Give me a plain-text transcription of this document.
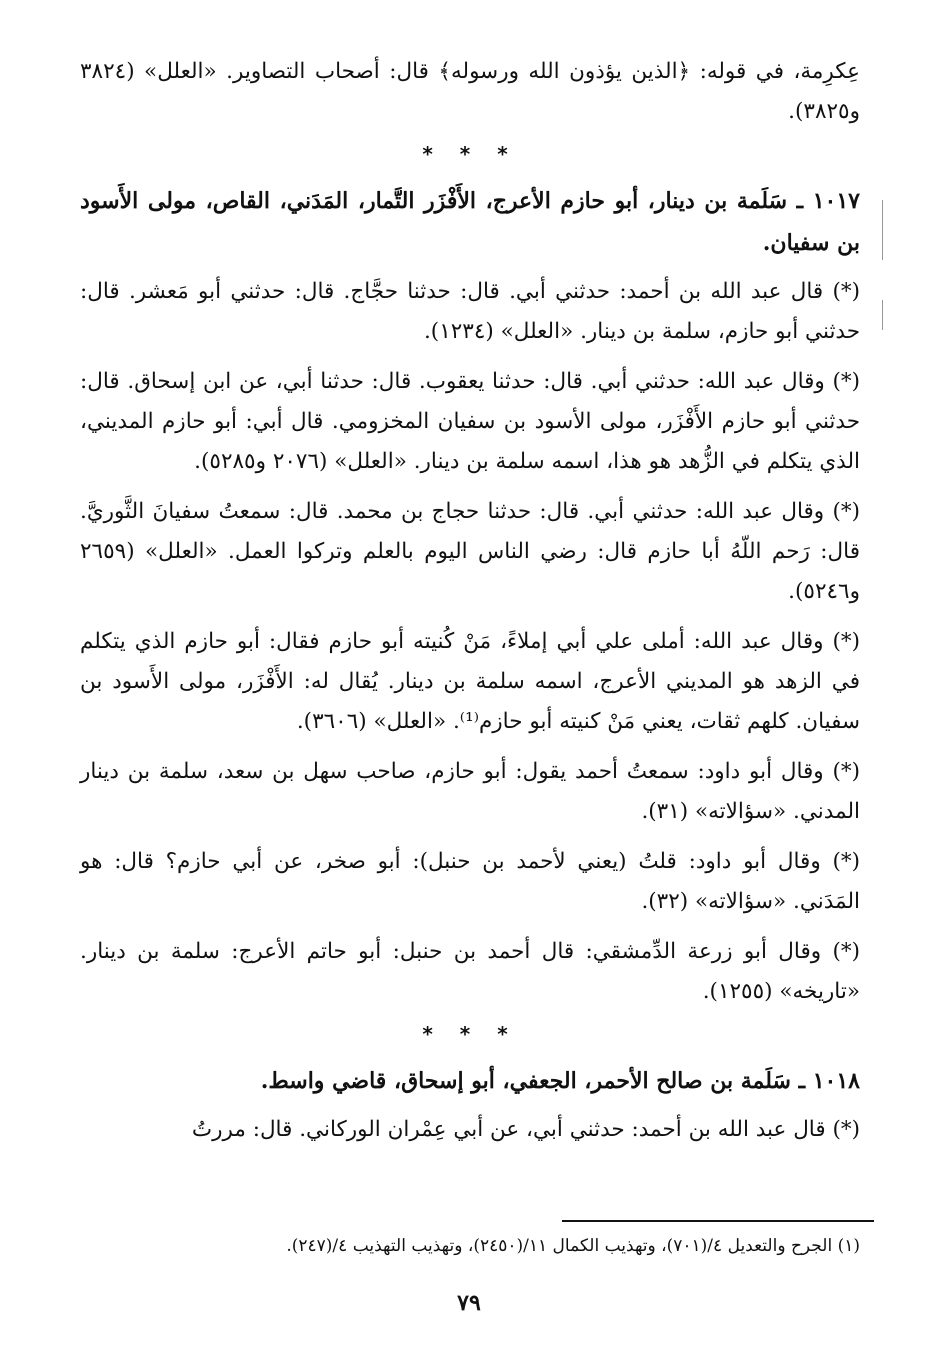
عِكرِمة، في قوله: ﴿الذين يؤذون الله ورسوله﴾ قال: أصحاب التصاوير. «العلل» (٣٨٢٤ و٣٨٢٥).

* * *

١٠١٧ ـ سَلَمة بن دينار، أبو حازم الأعرج، الأَفْزَر التَّمار، المَدَني، القاص، مولى الأَسود بن سفيان.

(*) قال عبد الله بن أحمد: حدثني أبي. قال: حدثنا حجَّاج. قال: حدثني أبو مَعشر. قال: حدثني أبو حازم، سلمة بن دينار. «العلل» (١٢٣٤).

(*) وقال عبد الله: حدثني أبي. قال: حدثنا يعقوب. قال: حدثنا أبي، عن ابن إسحاق. قال: حدثني أبو حازم الأَفْزَر، مولى الأسود بن سفيان المخزومي. قال أبي: أبو حازم المديني، الذي يتكلم في الزُّهد هو هذا، اسمه سلمة بن دينار. «العلل» (٢٠٧٦ و٥٢٨٥).

(*) وقال عبد الله: حدثني أبي. قال: حدثنا حجاج بن محمد. قال: سمعتُ سفيانَ الثَّوريَّ. قال: رَحم اللّهُ أبا حازم قال: رضي الناس اليوم بالعلم وتركوا العمل. «العلل» (٢٦٥٩ و٥٢٤٦).

(*) وقال عبد الله: أملى علي أبي إملاءً، مَنْ كُنيته أبو حازم فقال: أبو حازم الذي يتكلم في الزهد هو المديني الأعرج، اسمه سلمة بن دينار. يُقال له: الأَفْزَر، مولى الأَسود بن سفيان. كلهم ثقات، يعني مَنْ كنيته أبو حازم⁽¹⁾. «العلل» (٣٦٠٦).

(*) وقال أبو داود: سمعتُ أحمد يقول: أبو حازم، صاحب سهل بن سعد، سلمة بن دينار المدني. «سؤالاته» (٣١).

(*) وقال أبو داود: قلتُ (يعني لأحمد بن حنبل): أبو صخر، عن أبي حازم؟ قال: هو المَدَني. «سؤالاته» (٣٢).

(*) وقال أبو زرعة الدِّمشقي: قال أحمد بن حنبل: أبو حاتم الأعرج: سلمة بن دينار. «تاريخه» (١٢٥٥).

* * *

١٠١٨ ـ سَلَمة بن صالح الأحمر، الجعفي، أبو إسحاق، قاضي واسط.

(*) قال عبد الله بن أحمد: حدثني أبي، عن أبي عِمْران الوركاني. قال: مررتُ

(١) الجرح والتعديل ٤/(٧٠١)، وتهذيب الكمال ١١/(٢٤٥٠)، وتهذيب التهذيب ٤/(٢٤٧).
٧٩
